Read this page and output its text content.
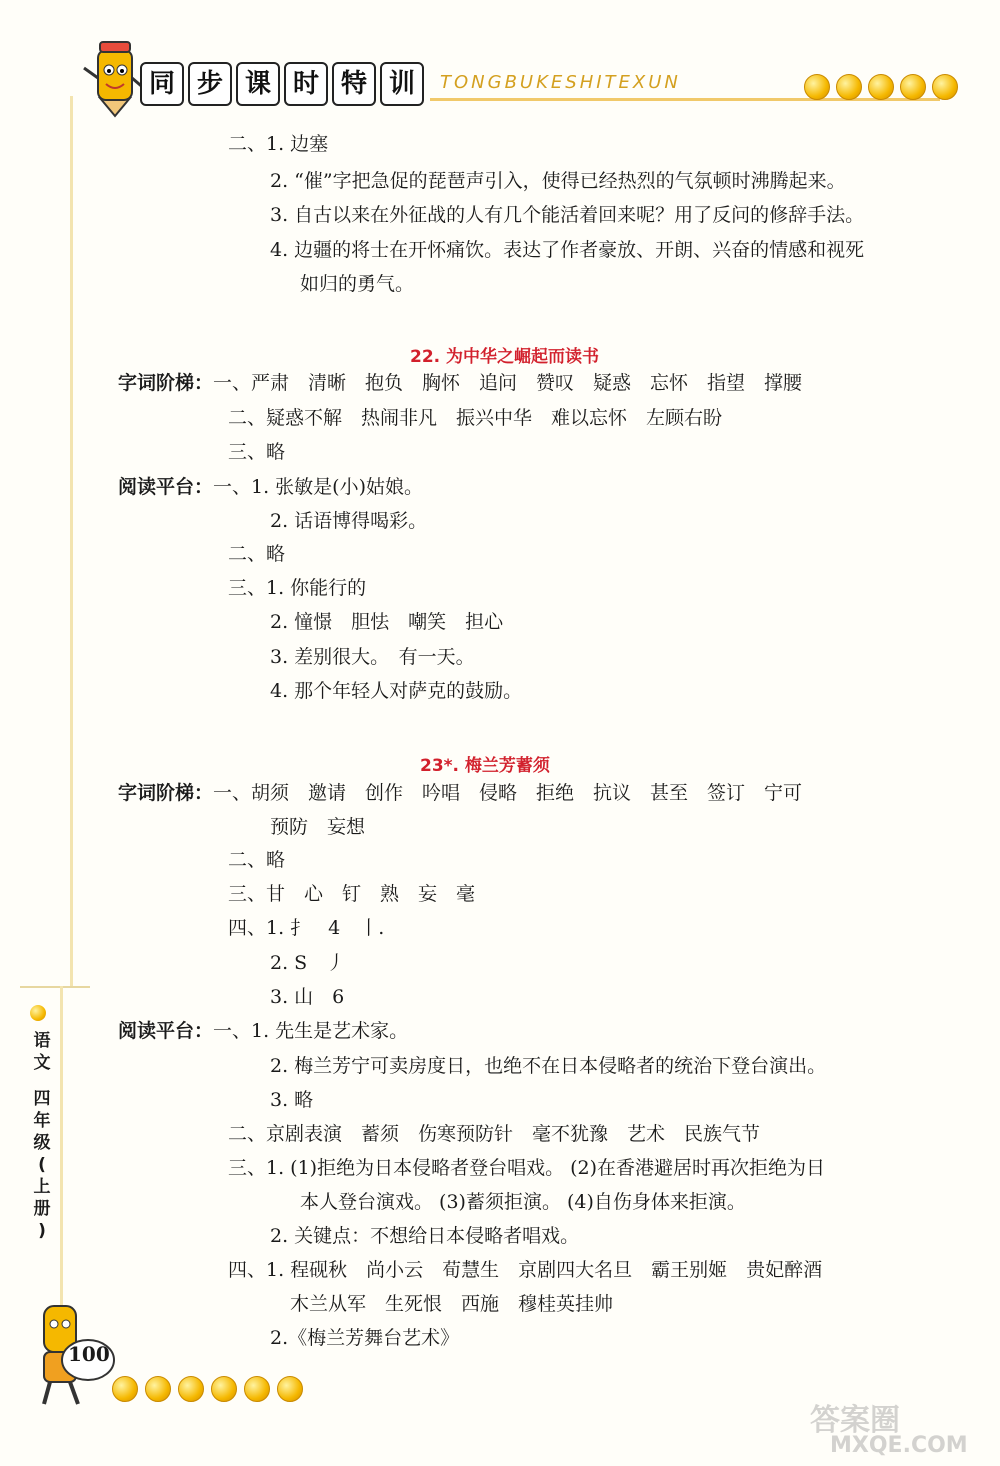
同 步 课 时 特 训	TONGBUKESHITEXUN
语
文
四
年
级
(
上
册
)
22. 为中华之崛起而读书
23*. 梅兰芳蓄须
二、1. 边塞
2. “催”字把急促的琵琶声引入，使得已经热烈的气氛顿时沸腾起来。
3. 自古以来在外征战的人有几个能活着回来呢？用了反问的修辞手法。
4. 边疆的将士在开怀痛饮。表达了作者豪放、开朗、兴奋的情感和视死
如归的勇气。
字词阶梯：一、严肃　清晰　抱负　胸怀　追问　赞叹　疑惑　忘怀　指望　撑腰
二、疑惑不解　热闹非凡　振兴中华　难以忘怀　左顾右盼
三、略
阅读平台：一、1. 张敏是(小)姑娘。
2. 话语博得喝彩。
二、略
三、1. 你能行的
2. 憧憬　胆怯　嘲笑　担心
3. 差别很大。　有一天。
4. 那个年轻人对萨克的鼓励。
字词阶梯：一、胡须　邀请　创作　吟唱　侵略　拒绝　抗议　甚至　签订　宁可
预防　妄想
二、略
三、甘　心　钉　熟　妄　毫
四、1. 扌　4　丨.
2. S　丿
3. 山　6
阅读平台：一、1. 先生是艺术家。
2. 梅兰芳宁可卖房度日，也绝不在日本侵略者的统治下登台演出。
3. 略
二、京剧表演　蓄须　伤寒预防针　毫不犹豫　艺术　民族气节
三、1. (1)拒绝为日本侵略者登台唱戏。 (2)在香港避居时再次拒绝为日
本人登台演戏。 (3)蓄须拒演。 (4)自伤身体来拒演。
2. 关键点：不想给日本侵略者唱戏。
四、1. 程砚秋　尚小云　荀慧生　京剧四大名旦　霸王别姬　贵妃醉酒
木兰从军　生死恨　西施　穆桂英挂帅
2.《梅兰芳舞台艺术》
100
答案圈
MXQE.COM
